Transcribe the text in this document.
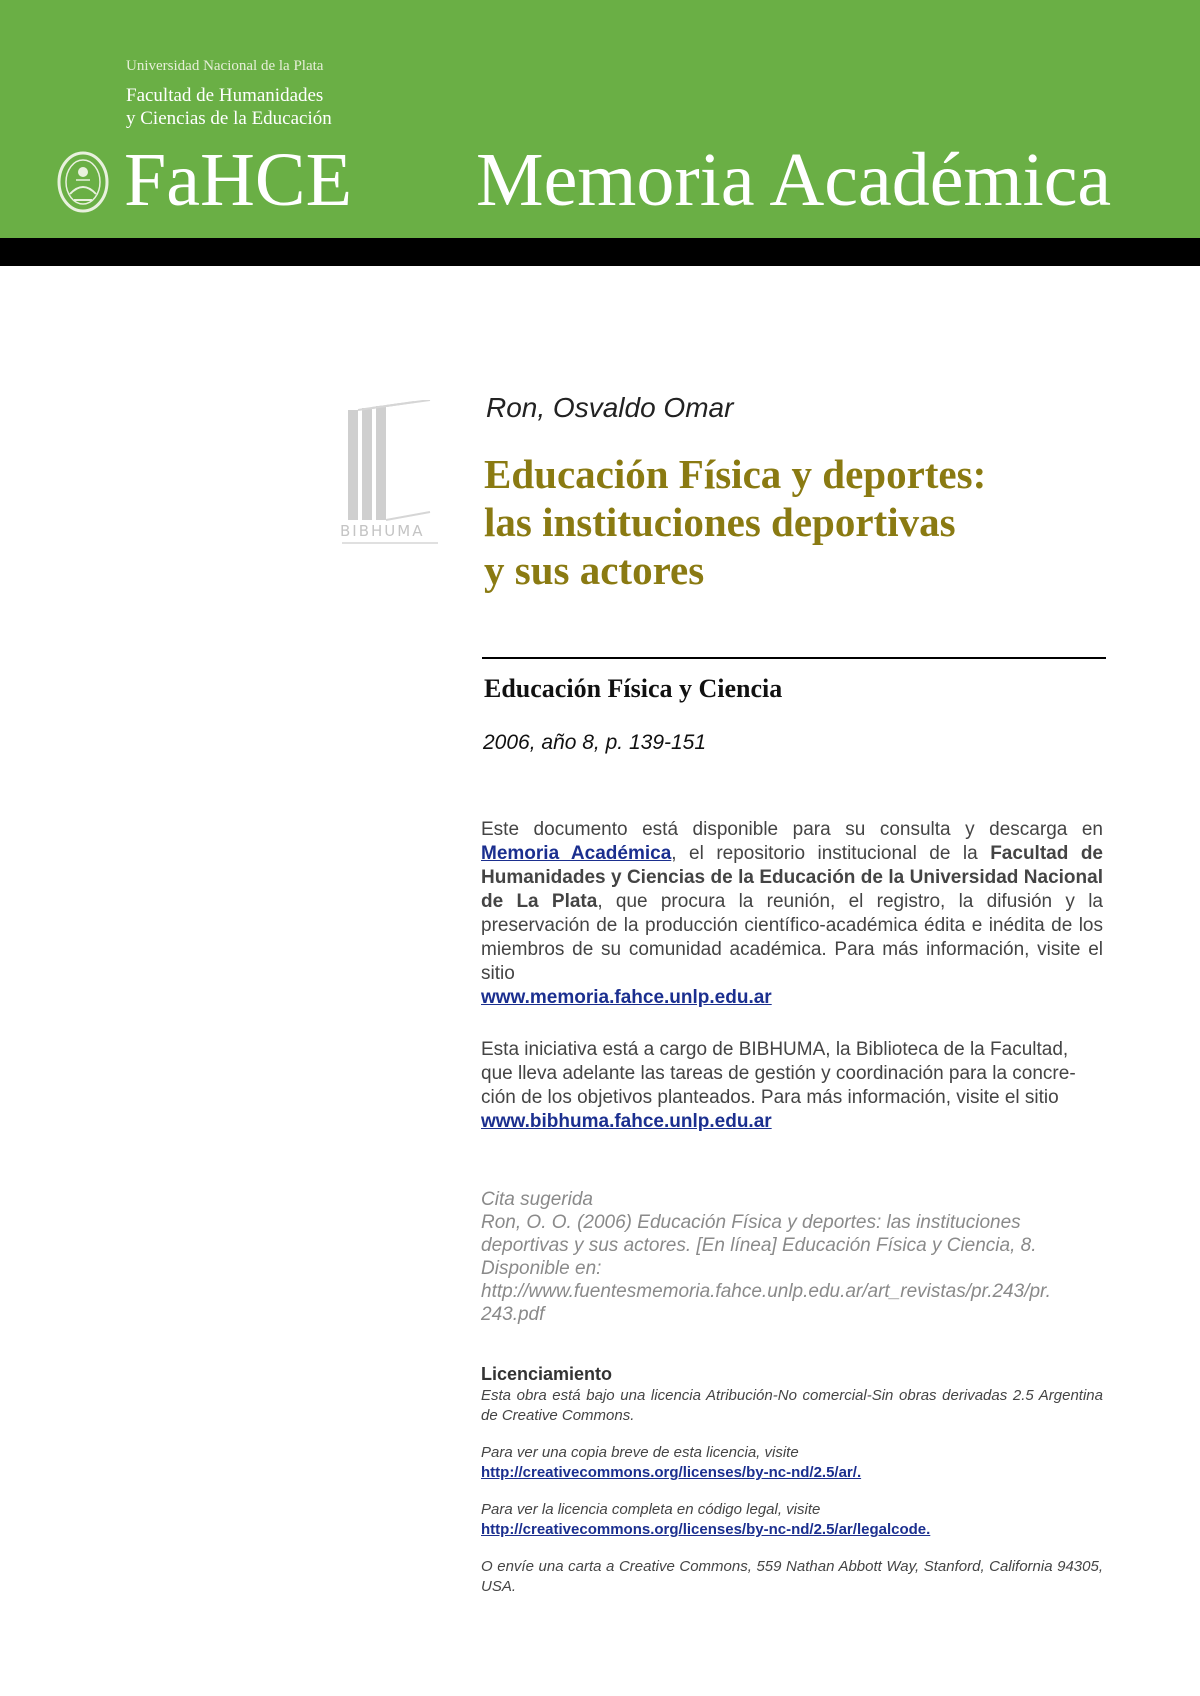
Universidad Nacional de la Plata
Facultad de Humanidades
y Ciencias de la Educación
FaHCE Memoria Académica
BIBHUMA
Ron, Osvaldo Omar
Educación Física y deportes:
las instituciones deportivas
y sus actores
Educación Física y Ciencia
2006, año 8, p. 139-151
Este documento está disponible para su consulta y descarga en Memoria Académica, el repositorio institucional de la Facultad de Humanidades y Ciencias de la Educación de la Universidad Nacional de La Plata, que procura la reunión, el registro, la difusión y la preservación de la producción científico-académica édita e inédita de los miembros de su comunidad académica. Para más información, visite el sitio
www.memoria.fahce.unlp.edu.ar
Esta iniciativa está a cargo de BIBHUMA, la Biblioteca de la Facultad, que lleva adelante las tareas de gestión y coordinación para la concre-ción de los objetivos planteados. Para más información, visite el sitio
www.bibhuma.fahce.unlp.edu.ar
Cita sugerida
Ron, O. O. (2006) Educación Física y deportes: las instituciones deportivas y sus actores. [En línea] Educación Física y Ciencia, 8. Disponible en:
http://www.fuentesmemoria.fahce.unlp.edu.ar/art_revistas/pr.243/pr. 243.pdf
Licenciamiento

Esta obra está bajo una licencia Atribución-No comercial-Sin obras derivadas 2.5 Argentina de Creative Commons.

Para ver una copia breve de esta licencia, visite
http://creativecommons.org/licenses/by-nc-nd/2.5/ar/.

Para ver la licencia completa en código legal, visite
http://creativecommons.org/licenses/by-nc-nd/2.5/ar/legalcode.

O envíe una carta a Creative Commons, 559 Nathan Abbott Way, Stanford, California 94305, USA.
